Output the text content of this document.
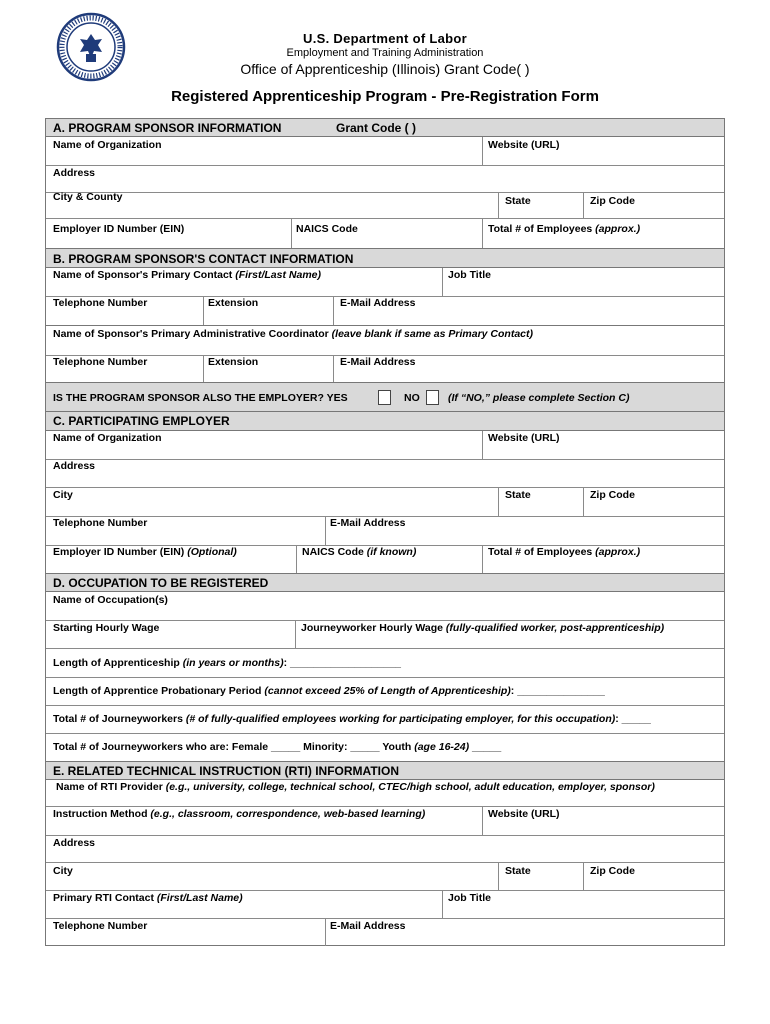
U.S. Department of Labor
Employment and Training Administration
Office of Apprenticeship (Illinois) Grant Code( )
Registered Apprenticeship Program - Pre-Registration Form
A. PROGRAM SPONSOR INFORMATION	Grant Code ( )
Name of Organization	Website (URL)
Address
City & County	State	Zip Code
Employer ID Number (EIN)	NAICS Code	Total # of Employees (approx.)
B. PROGRAM SPONSOR'S CONTACT INFORMATION
Name of Sponsor's Primary Contact (First/Last Name)	Job Title
Telephone Number	Extension	E-Mail Address
Name of Sponsor's Primary Administrative Coordinator (leave blank if same as Primary Contact)
Telephone Number	Extension	E-Mail Address
IS THE PROGRAM SPONSOR ALSO THE EMPLOYER? YES	NO	(If “NO,” please complete Section C)
C. PARTICIPATING EMPLOYER
Name of Organization	Website (URL)
Address
City	State	Zip Code
Telephone Number	E-Mail Address
Employer ID Number (EIN) (Optional)	NAICS Code (if known)	Total # of Employees (approx.)
D. OCCUPATION TO BE REGISTERED
Name of Occupation(s)
Starting Hourly Wage	Journeyworker Hourly Wage (fully-qualified worker, post-apprenticeship)
Length of Apprenticeship (in years or months): ___________________
Length of Apprentice Probationary Period (cannot exceed 25% of Length of Apprenticeship): _______________
Total # of Journeyworkers (# of fully-qualified employees working for participating employer, for this occupation): _____
Total # of Journeyworkers who are: Female _____ Minority: _____ Youth (age 16-24) _____
E. RELATED TECHNICAL INSTRUCTION (RTI) INFORMATION
Name of RTI Provider (e.g., university, college, technical school, CTEC/high school, adult education, employer, sponsor)
Instruction Method (e.g., classroom, correspondence, web-based learning)	Website (URL)
Address
City	State	Zip Code
Primary RTI Contact (First/Last Name)	Job Title
Telephone Number	E-Mail Address
